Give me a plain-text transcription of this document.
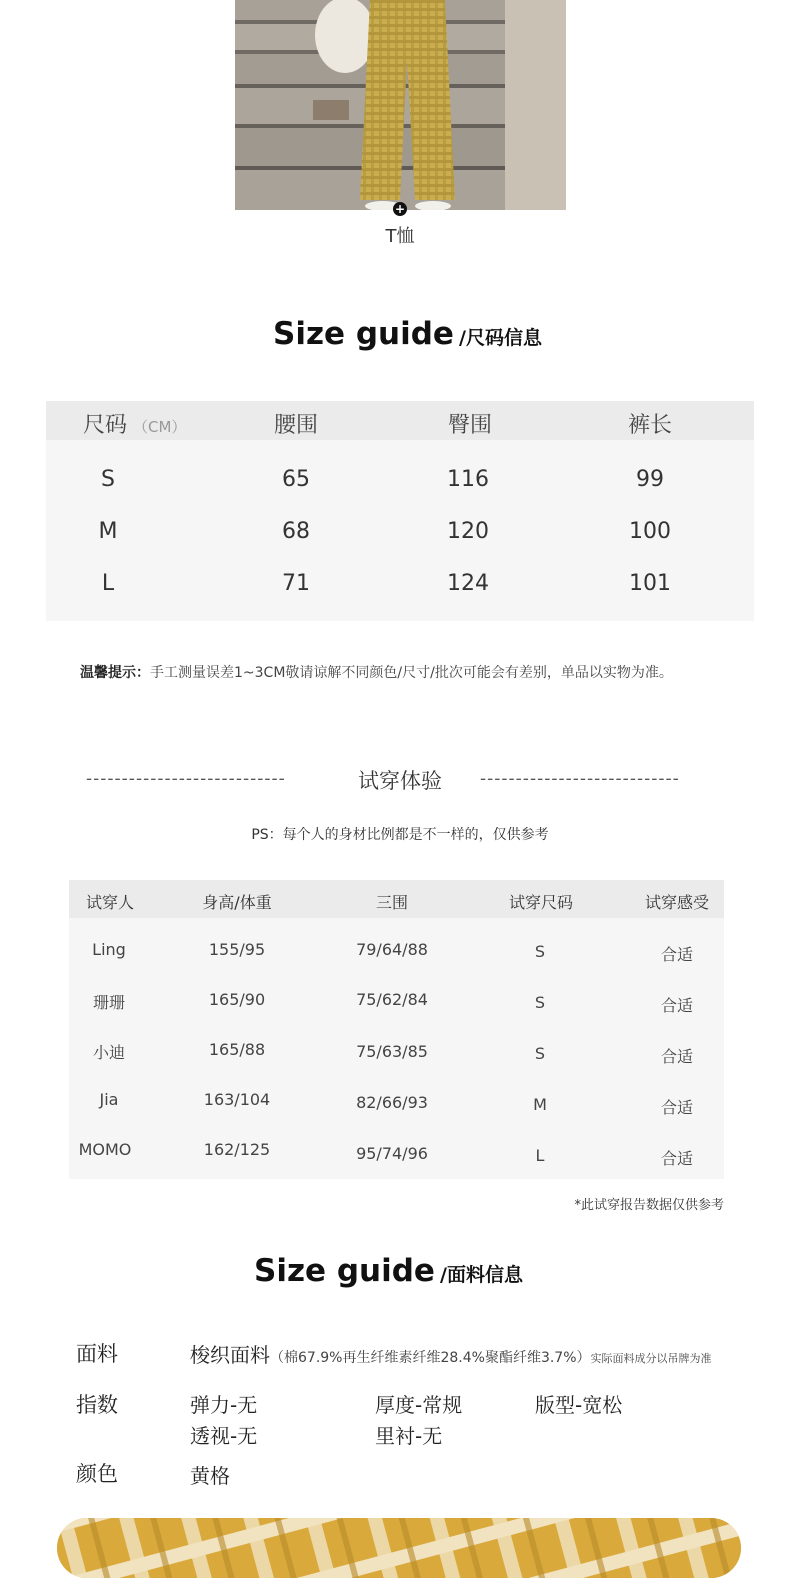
+
T恤
Size guide /尺码信息
尺码 （CM）	腰围	臀围	裤长
S	65	116	99
M	68	120	100
L	71	124	101
温馨提示：手工测量误差1~3CM敬请谅解不同颜色/尺寸/批次可能会有差别，单品以实物为准。
----------------------------	试穿体验	----------------------------
PS：每个人的身材比例都是不一样的，仅供参考
试穿人	身高/体重	三围	试穿尺码	试穿感受
Ling	155/95	79/64/88	S	合适
珊珊	165/90	75/62/84	S	合适
小迪	165/88	75/63/85	S	合适
Jia	163/104	82/66/93	M	合适
MOMO	162/125	95/74/96	L	合适
*此试穿报告数据仅供参考
Size guide /面料信息
面料	梭织面料（棉67.9%再生纤维素纤维28.4%聚酯纤维3.7%）实际面料成分以吊牌为准
指数	弹力-无	厚度-常规	版型-宽松
透视-无	里衬-无
颜色	黄格
